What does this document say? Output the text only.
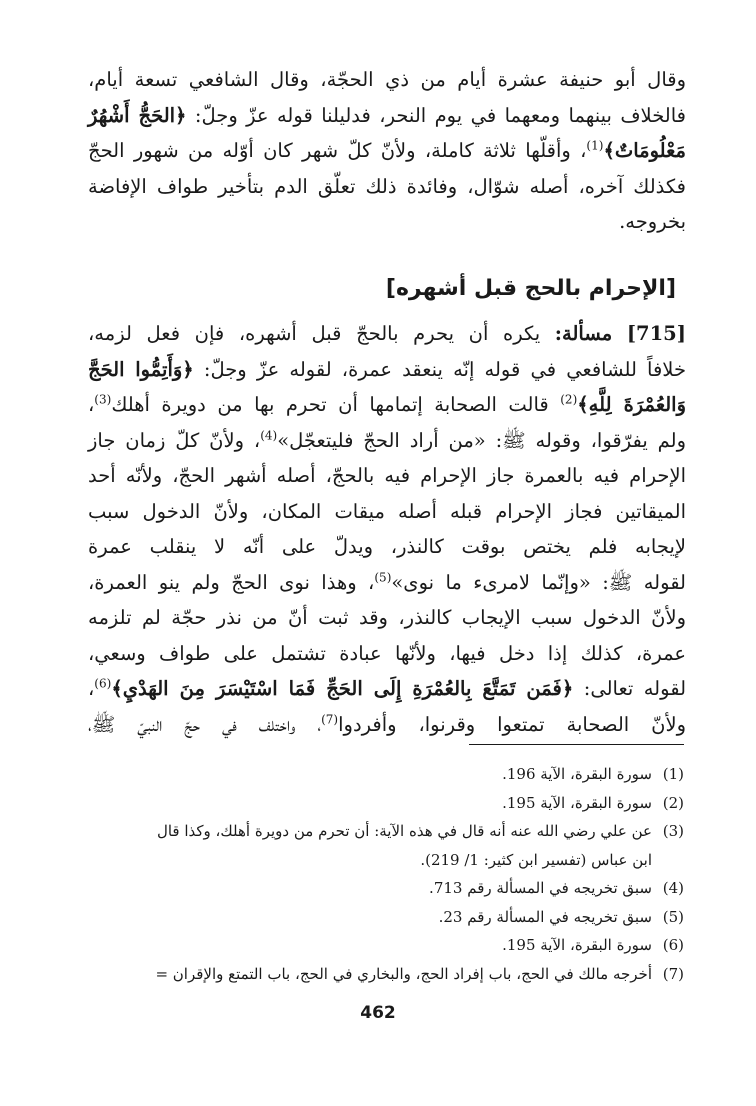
وقال أبو حنيفة عشرة أيام من ذي الحجّة، وقال الشافعي تسعة أيام،
فالخلاف بينهما ومعهما في يوم النحر، فدليلنا قوله عزّ وجلّ: ﴿الحَجُّ أَشْهُرٌ
مَعْلُومَاتٌ﴾$^{(1)}$، وأقلّها ثلاثة كاملة، ولأنّ كلّ شهر كان أوّله من شهور الحجّ
فكذلك آخره، أصله شوّال، وفائدة ذلك تعلّق الدم بتأخير طواف الإفاضة
بخروجه.
[الإحرام بالحج قبل أشهره]
[715] مسألة: يكره أن يحرم بالحجّ قبل أشهره، فإن فعل لزمه،
خلافاً للشافعي في قوله إنّه ينعقد عمرة، لقوله عزّ وجلّ: ﴿وَأَتِمُّوا الحَجَّ
وَالعُمْرَةَ لِلَّهِ﴾$^{(2)}$ قالت الصحابة إتمامها أن تحرم بها من دويرة أهلك$^{(3)}$،
ولم يفرّقوا، وقوله ﷺ: «من أراد الحجّ فليتعجّل»$^{(4)}$، ولأنّ كلّ زمان جاز
الإحرام فيه بالعمرة جاز الإحرام فيه بالحجّ، أصله أشهر الحجّ، ولأنّه أحد
الميقاتين فجاز الإحرام قبله أصله ميقات المكان، ولأنّ الدخول سبب
لإيجابه فلم يختص بوقت كالنذر، ويدلّ على أنّه لا ينقلب عمرة
لقوله ﷺ: «وإنّما لامرىء ما نوى»$^{(5)}$، وهذا نوى الحجّ ولم ينو العمرة،
ولأنّ الدخول سبب الإيجاب كالنذر، وقد ثبت أنّ من نذر حجّة لم تلزمه
عمرة، كذلك إذا دخل فيها، ولأنّها عبادة تشتمل على طواف وسعي،
لقوله تعالى: ﴿فَمَن تَمَتَّعَ بِالعُمْرَةِ إِلَى الحَجِّ فَمَا اسْتَيْسَرَ مِنَ الهَدْيِ﴾$^{(6)}$،
ولأنّ الصحابة تمتعوا وقرنوا، وأفردوا$^{(7)}$، واختلف في حجّ النبيّ ﷺ،
(1)
سورة البقرة، الآية 196.
(2)
سورة البقرة، الآية 195.
(3)
عن علي رضي الله عنه أنه قال في هذه الآية: أن تحرم من دويرة أهلك، وكذا قال
ابن عباس (تفسير ابن كثير: 1/ 219).
(4)
سبق تخريجه في المسألة رقم 713.
(5)
سبق تخريجه في المسألة رقم 23.
(6)
سورة البقرة، الآية 195.
(7)
أخرجه مالك في الحج، باب إفراد الحج، والبخاري في الحج، باب التمتع والإقران =
462
